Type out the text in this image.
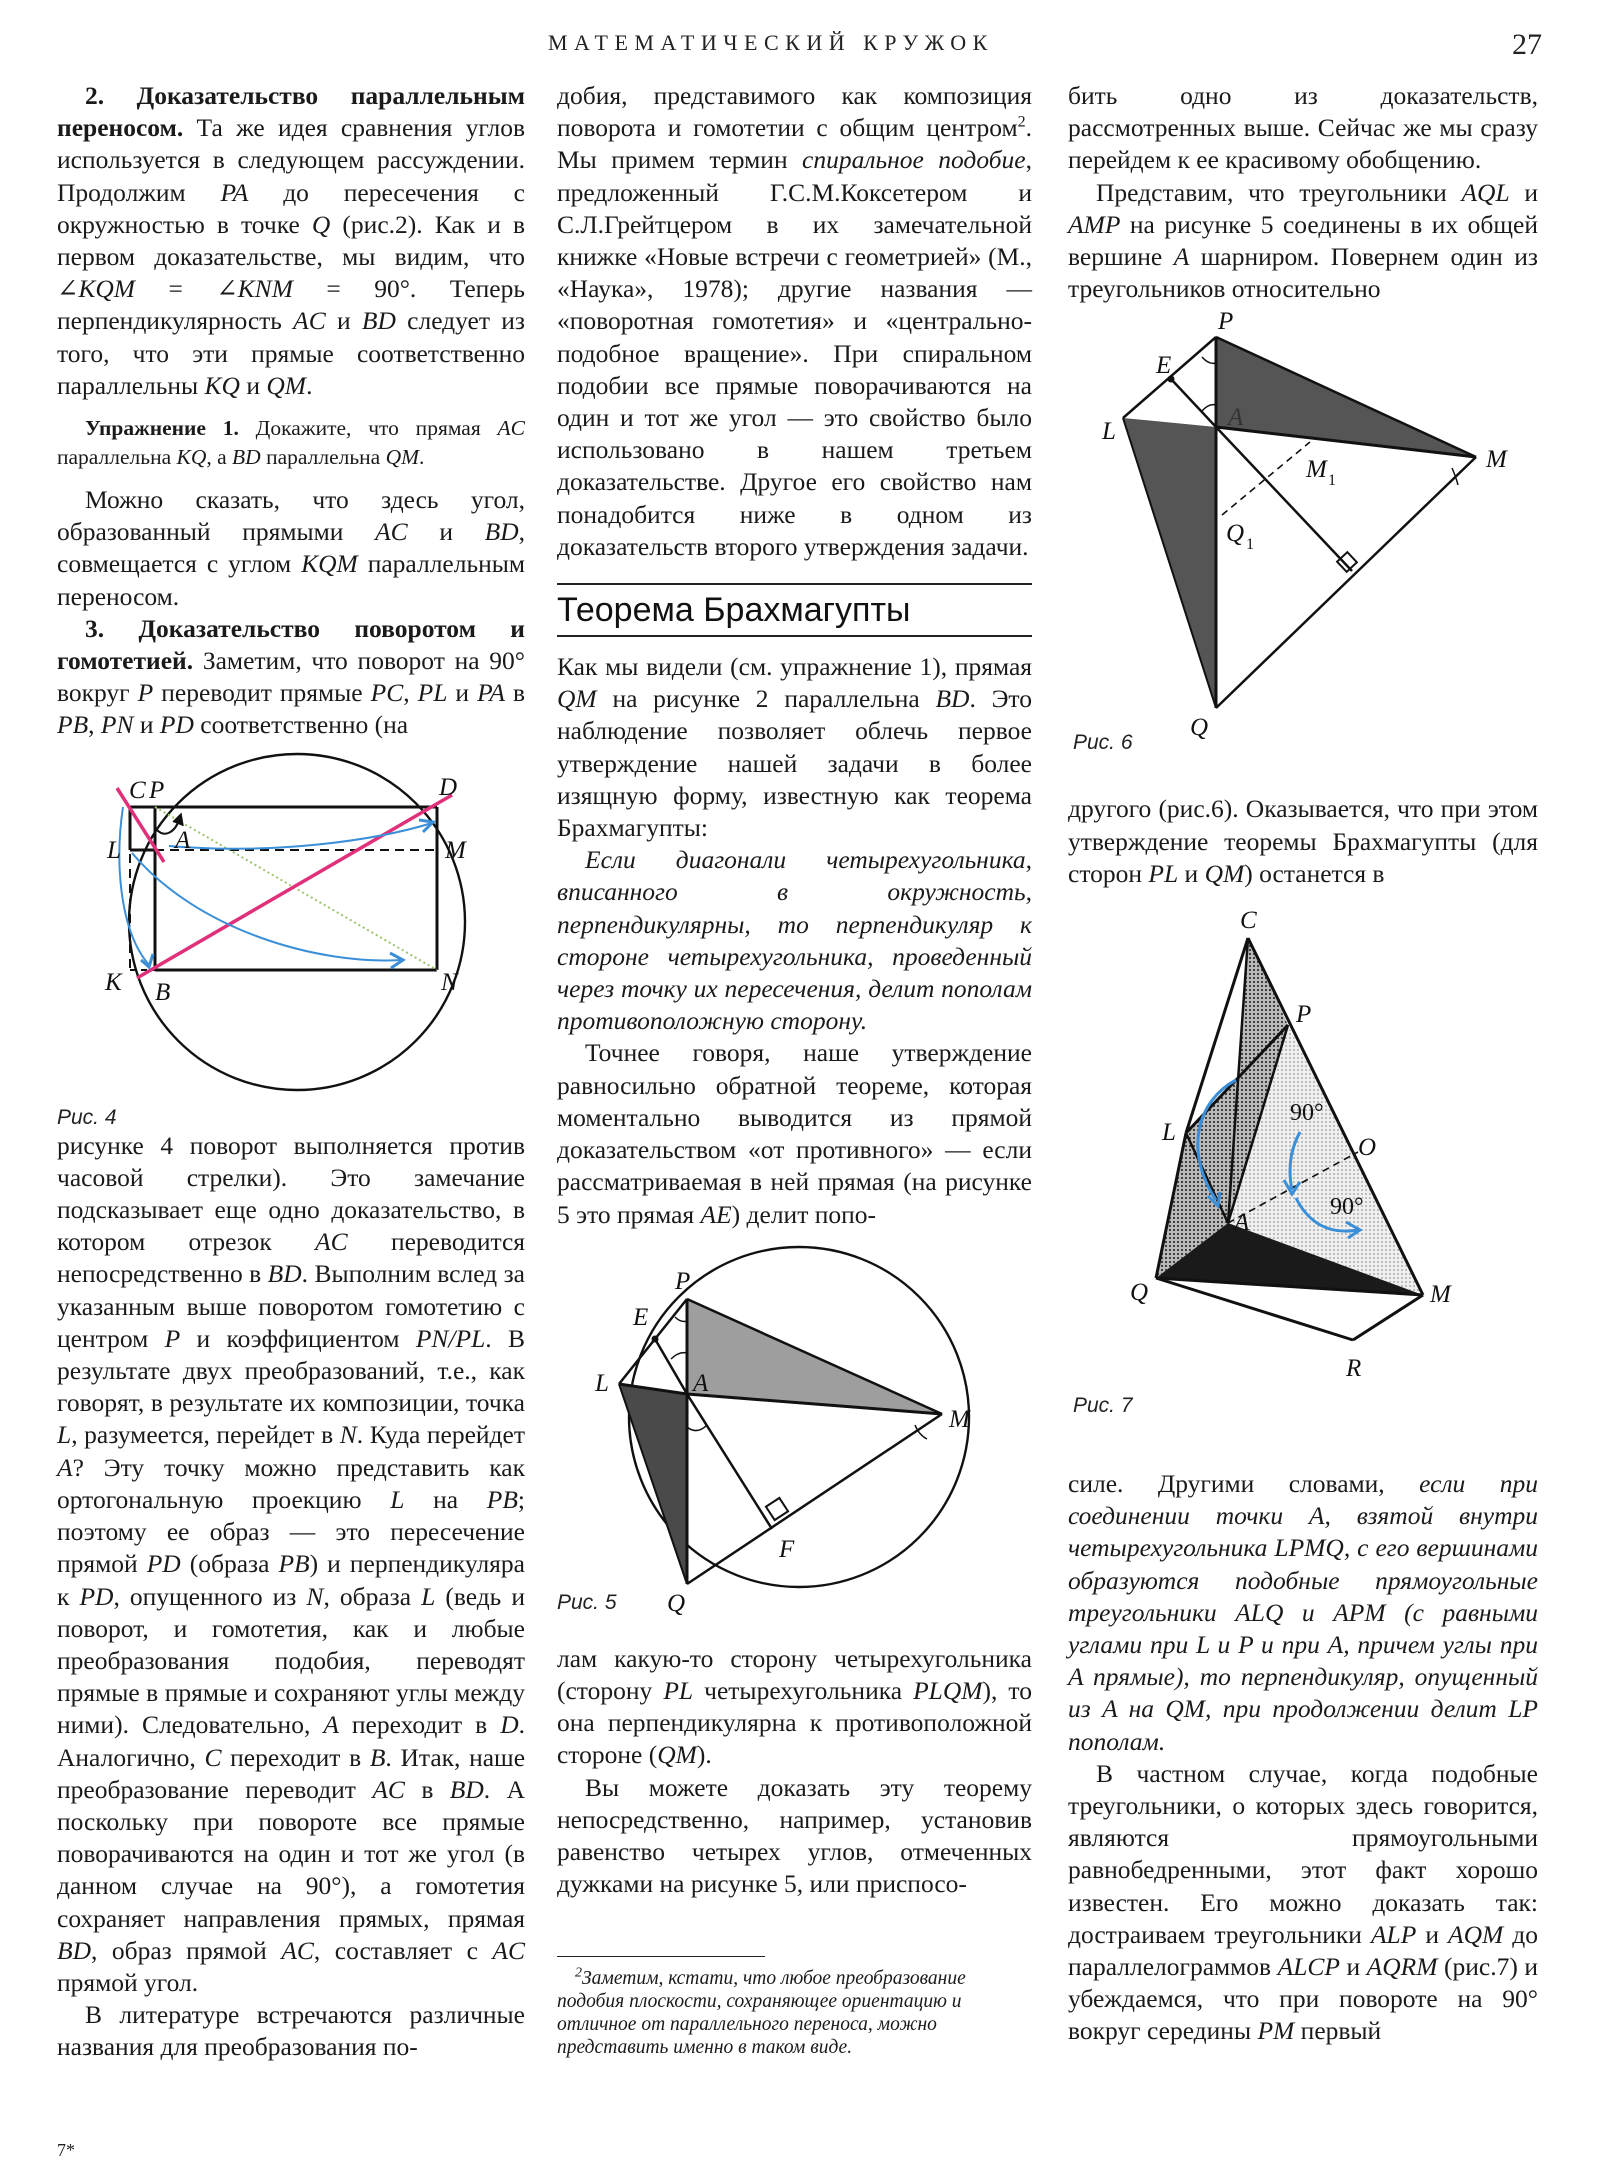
МАТЕМАТИЧЕСКИЙ КРУЖОК	27

2. Доказательство параллельным переносом. Та же идея сравнения углов используется в следующем рассуждении. Продолжим PA до пересечения с окружностью в точке Q (рис.2). Как и в первом доказательстве, мы видим, что ∠KQM = ∠KNM = 90°. Теперь перпендикулярность AC и BD следует из того, что эти прямые соответственно параллельны KQ и QM.

Упражнение 1. Докажите, что прямая AC параллельна KQ, а BD параллельна QM.

Можно сказать, что здесь угол, образованный прямыми AC и BD, совмещается с углом KQM параллельным переносом.

3. Доказательство поворотом и гомотетией. Заметим, что поворот на 90° вокруг P переводит прямые PC, PL и PA в PB, PN и PD соответственно (на

C P	D
L A	M
K B	N
Рис. 4

рисунке 4 поворот выполняется против часовой стрелки). Это замечание подсказывает еще одно доказательство, в котором отрезок AC переводится непосредственно в BD. Выполним вслед за указанным выше поворотом гомотетию с центром P и коэффициентом PN/PL. В результате двух преобразований, т.е., как говорят, в результате их композиции, точка L, разумеется, перейдет в N. Куда перейдет A? Эту точку можно представить как ортогональную проекцию L на PB; поэтому ее образ — это пересечение прямой PD (образа PB) и перпендикуляра к PD, опущенного из N, образа L (ведь и поворот, и гомотетия, как и любые преобразования подобия, переводят прямые в прямые и сохраняют углы между ними). Следовательно, A переходит в D. Аналогично, C переходит в B. Итак, наше преобразование переводит AC в BD. А поскольку при повороте все прямые поворачиваются на один и тот же угол (в данном случае на 90°), а гомотетия сохраняет направления прямых, прямая BD, образ прямой AC, составляет с AC прямой угол.

В литературе встречаются различные названия для преобразования по-

добия, представимого как композиция поворота и гомотетии с общим центром$^2$. Мы примем термин спиральное подобие, предложенный Г.С.М.Коксетером и С.Л.Грейтцером в их замечательной книжке «Новые встречи с геометрией» (М., «Наука», 1978); другие названия — «поворотная гомотетия» и «центрально-подобное вращение». При спиральном подобии все прямые поворачиваются на один и тот же угол — это свойство было использовано в нашем третьем доказательстве. Другое его свойство нам понадобится ниже в одном из доказательств второго утверждения задачи.

Теорема Брахмагупты

Как мы видели (см. упражнение 1), прямая QM на рисунке 2 параллельна BD. Это наблюдение позволяет облечь первое утверждение нашей задачи в более изящную форму, известную как теорема Брахмагупты:

Если диагонали четырехугольника, вписанного в окружность, перпендикулярны, то перпендикуляр к стороне четырехугольника, проведенный через точку их пересечения, делит пополам противоположную сторону.

Точнее говоря, наше утверждение равносильно обратной теореме, которая моментально выводится из прямой доказательством «от противного» — если рассматриваемая в ней прямая (на рисунке 5 это прямая AE) делит попо-

P
E
L	A
M
F
Q
Рис. 5

лам какую-то сторону четырехугольника (сторону PL четырехугольника PLQM), то она перпендикулярна к противоположной стороне (QM).

Вы можете доказать эту теорему непосредственно, например, установив равенство четырех углов, отмеченных дужками на рисунке 5, или приспосо-

$^2$Заметим, кстати, что любое преобразование подобия плоскости, сохраняющее ориентацию и отличное от параллельного переноса, можно представить именно в таком виде.

бить одно из доказательств, рассмотренных выше. Сейчас же мы сразу перейдем к ее красивому обобщению.

Представим, что треугольники AQL и AMP на рисунке 5 соединены в их общей вершине A шарниром. Повернем один из треугольников относительно

P
E
L
A
M
M 1
Q 1
Q
Рис. 6

другого (рис.6). Оказывается, что при этом утверждение теоремы Брахмагупты (для сторон PL и QM) останется в

C
P
L
O
A
Q	M
R
90°
90°
Рис. 7

силе. Другими словами, если при соединении точки A, взятой внутри четырехугольника LPMQ, с его вершинами образуются подобные прямоугольные треугольники ALQ и APM (с равными углами при L и P и при A, причем углы при A прямые), то перпендикуляр, опущенный из A на QM, при продолжении делит LP пополам.

В частном случае, когда подобные треугольники, о которых здесь говорится, являются прямоугольными равнобедренными, этот факт хорошо известен. Его можно доказать так: достраиваем треугольники ALP и AQM до параллелограммов ALCP и AQRM (рис.7) и убеждаемся, что при повороте на 90° вокруг середины PM первый

7*
